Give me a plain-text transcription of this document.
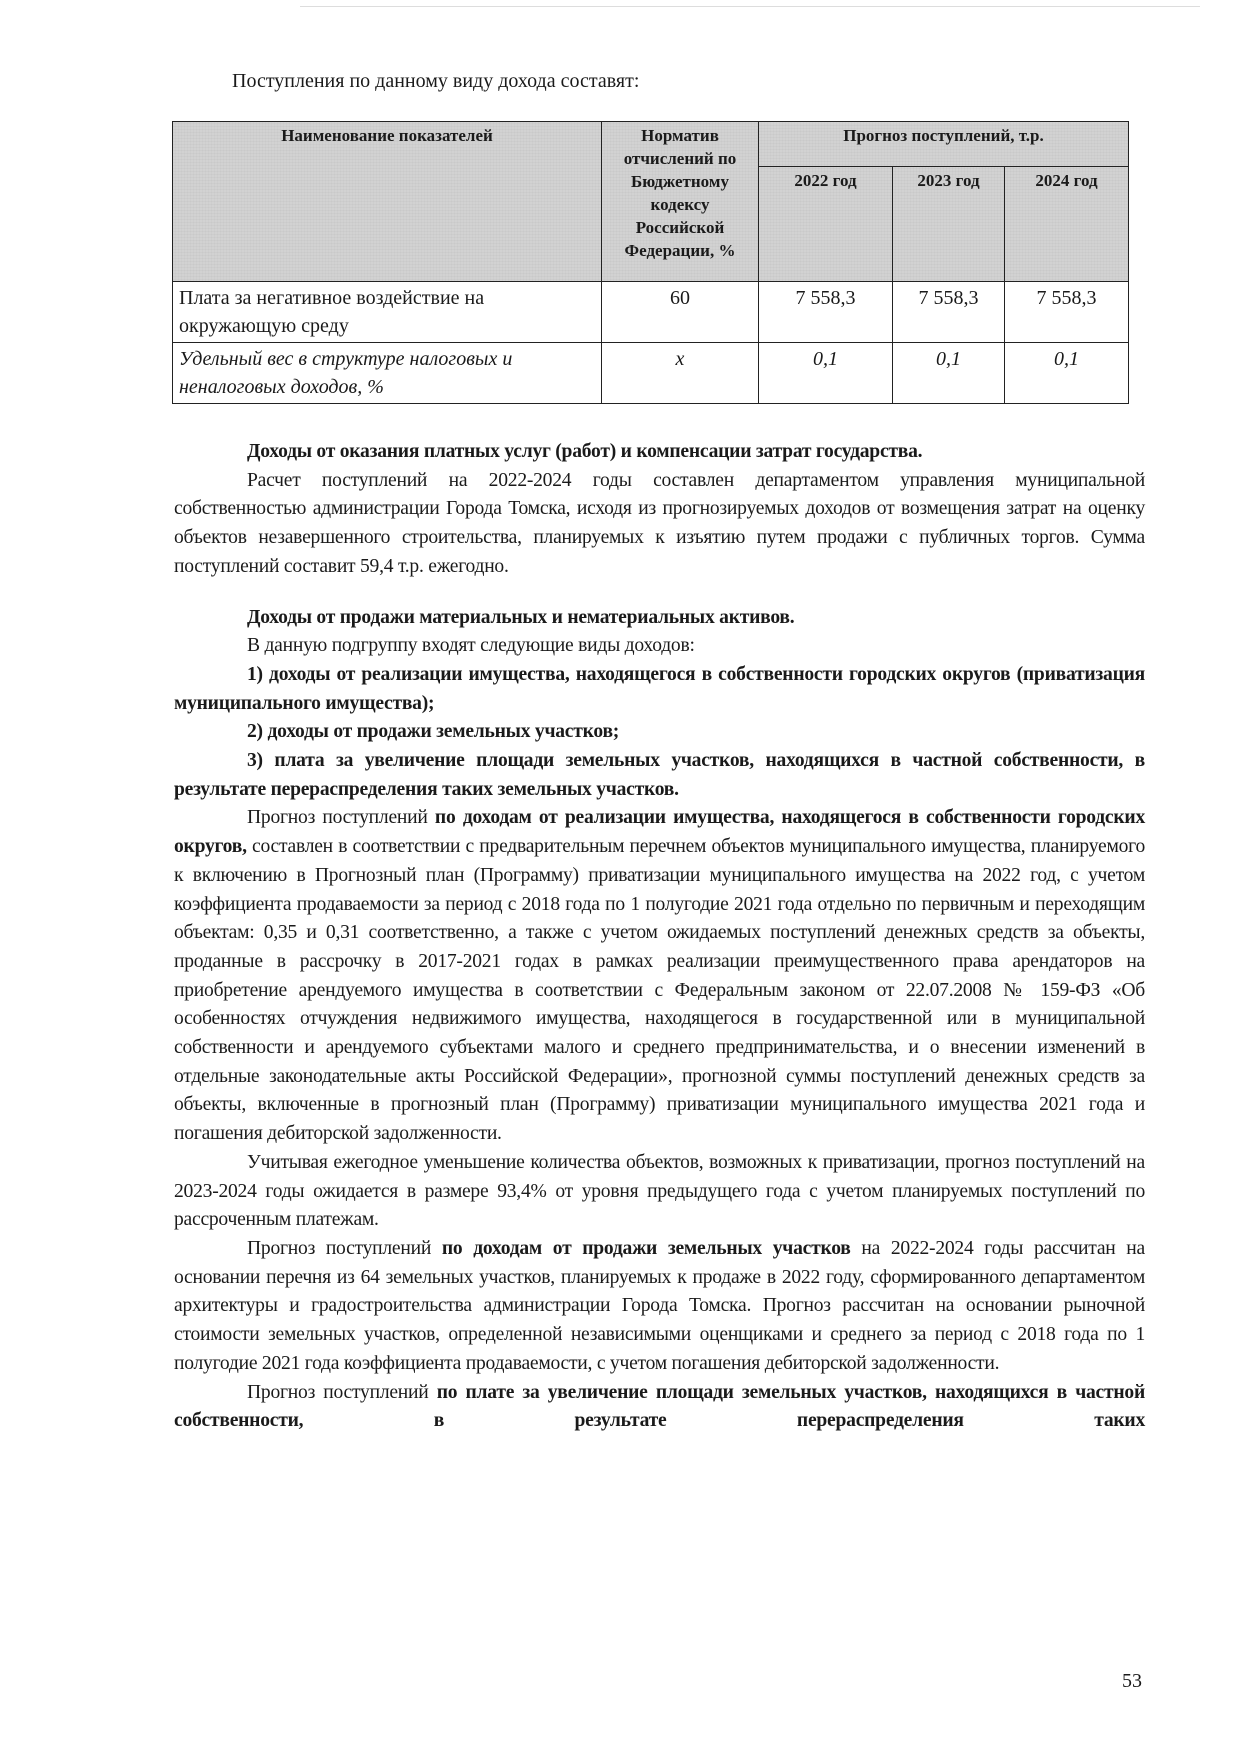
Поступления по данному виду дохода составят:
Наименование показателей	Норматив отчислений по Бюджетному кодексу Российской Федерации, %	Прогноз поступлений, т.р.		
		2022 год	2023 год	2024 год
Плата за негативное воздействие на окружающую среду	60	7 558,3	7 558,3	7 558,3
Удельный вес в структуре налоговых и неналоговых доходов, %	x	0,1	0,1	0,1

Доходы от оказания платных услуг (работ) и компенсации затрат государства.

Расчет поступлений на 2022-2024 годы составлен департаментом управления муниципальной собственностью администрации Города Томска, исходя из прогнозируемых доходов от возмещения затрат на оценку объектов незавершенного строительства, планируемых к изъятию путем продажи с публичных торгов. Сумма поступлений составит 59,4 т.р. ежегодно.

Доходы от продажи материальных и нематериальных активов.

В данную подгруппу входят следующие виды доходов:

1) доходы от реализации имущества, находящегося в собственности городских округов (приватизация муниципального имущества);

2) доходы от продажи земельных участков;

3) плата за увеличение площади земельных участков, находящихся в частной собственности, в результате перераспределения таких земельных участков.

Прогноз поступлений по доходам от реализации имущества, находящегося в собственности городских округов, составлен в соответствии с предварительным перечнем объектов муниципального имущества, планируемого к включению в Прогнозный план (Программу) приватизации муниципального имущества на 2022 год, с учетом коэффициента продаваемости за период с 2018 года по 1 полугодие 2021 года отдельно по первичным и переходящим объектам: 0,35 и 0,31 соответственно, а также с учетом ожидаемых поступлений денежных средств за объекты, проданные в рассрочку в 2017-2021 годах в рамках реализации преимущественного права арендаторов на приобретение арендуемого имущества в соответствии с Федеральным законом от 22.07.2008 № 159-ФЗ «Об особенностях отчуждения недвижимого имущества, находящегося в государственной или в муниципальной собственности и арендуемого субъектами малого и среднего предпринимательства, и о внесении изменений в отдельные законодательные акты Российской Федерации», прогнозной суммы поступлений денежных средств за объекты, включенные в прогнозный план (Программу) приватизации муниципального имущества 2021 года и погашения дебиторской задолженности.

Учитывая ежегодное уменьшение количества объектов, возможных к приватизации, прогноз поступлений на 2023-2024 годы ожидается в размере 93,4% от уровня предыдущего года с учетом планируемых поступлений по рассроченным платежам.

Прогноз поступлений по доходам от продажи земельных участков на 2022-2024 годы рассчитан на основании перечня из 64 земельных участков, планируемых к продаже в 2022 году, сформированного департаментом архитектуры и градостроительства администрации Города Томска. Прогноз рассчитан на основании рыночной стоимости земельных участков, определенной независимыми оценщиками и среднего за период с 2018 года по 1 полугодие 2021 года коэффициента продаваемости, с учетом погашения дебиторской задолженности.

Прогноз поступлений по плате за увеличение площади земельных участков, находящихся в частной собственности, в результате перераспределения таких

53
